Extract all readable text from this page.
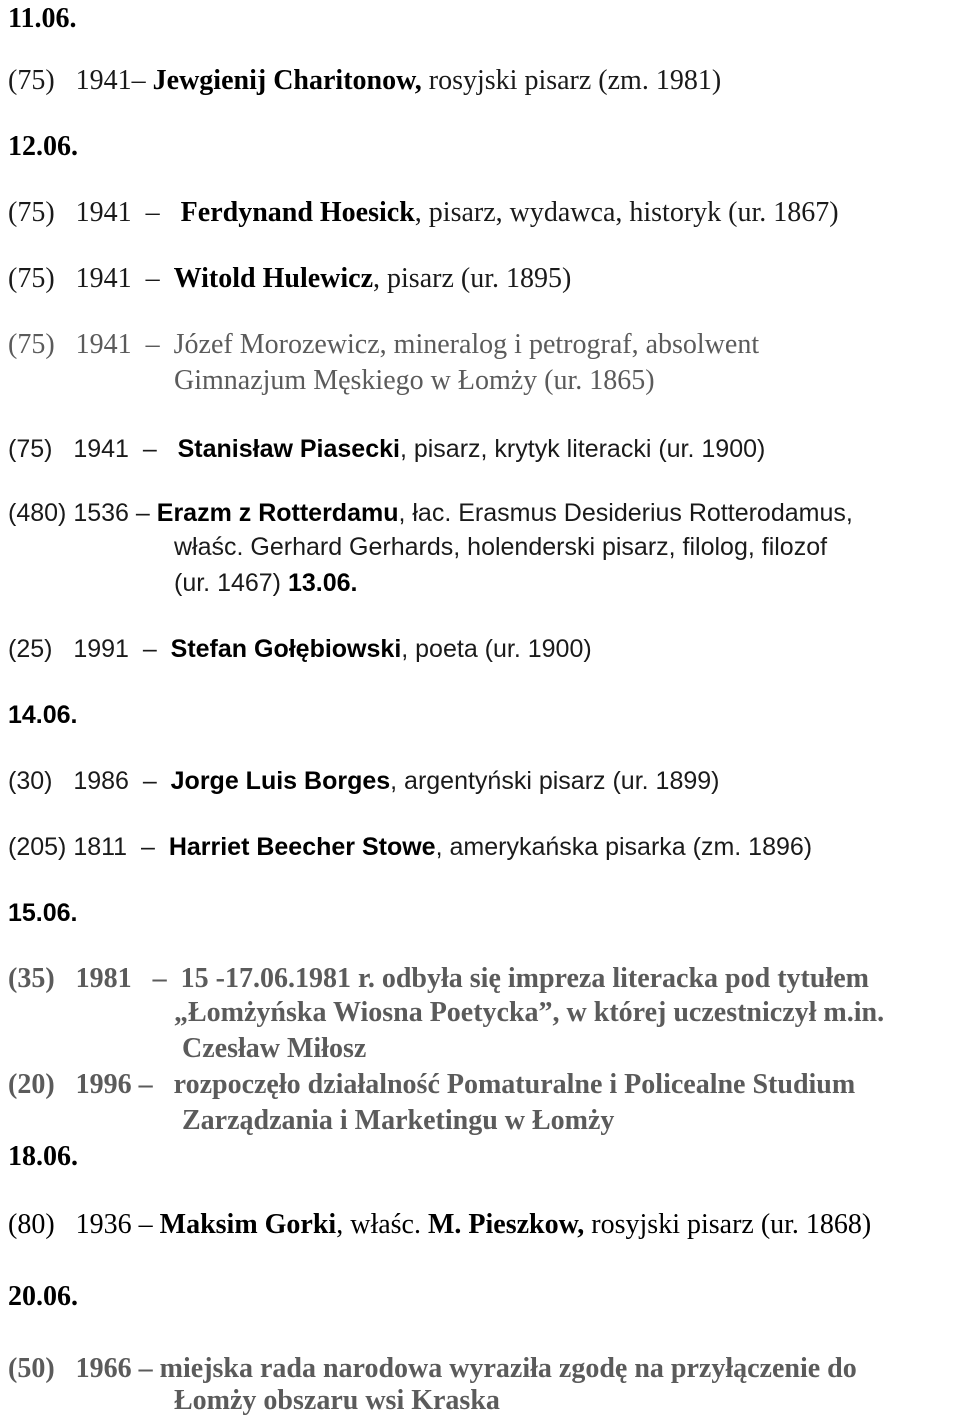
11.06.
(75) 1941– Jewgienij Charitonow, rosyjski pisarz (zm. 1981)
12.06.
(75) 1941 – Ferdynand Hoesick, pisarz, wydawca, historyk (ur. 1867)
(75) 1941 – Witold Hulewicz, pisarz (ur. 1895)
(75) 1941 – Józef Morozewicz, mineralog i petrograf, absolwent
Gimnazjum Męskiego w Łomży (ur. 1865)
(75) 1941 – Stanisław Piasecki, pisarz, krytyk literacki (ur. 1900)
(480) 1536 – Erazm z Rotterdamu, łac. Erasmus Desiderius Rotterodamus,
właśc. Gerhard Gerhards, holenderski pisarz, filolog, filozof
(ur. 1467) 13.06.
(25) 1991 – Stefan Gołębiowski, poeta (ur. 1900)
14.06.
(30) 1986 – Jorge Luis Borges, argentyński pisarz (ur. 1899)
(205) 1811 – Harriet Beecher Stowe, amerykańska pisarka (zm. 1896)
15.06.
(35) 1981 – 15 -17.06.1981 r. odbyła się impreza literacka pod tytułem
„Łomżyńska Wiosna Poetycka”, w której uczestniczył m.in.
Czesław Miłosz
(20) 1996 – rozpoczęło działalność Pomaturalne i Policealne Studium
Zarządzania i Marketingu w Łomży
18.06.
(80) 1936 – Maksim Gorki, właśc. M. Pieszkow, rosyjski pisarz (ur. 1868)
20.06.
(50) 1966 – miejska rada narodowa wyraziła zgodę na przyłączenie do
Łomży obszaru wsi Kraska
